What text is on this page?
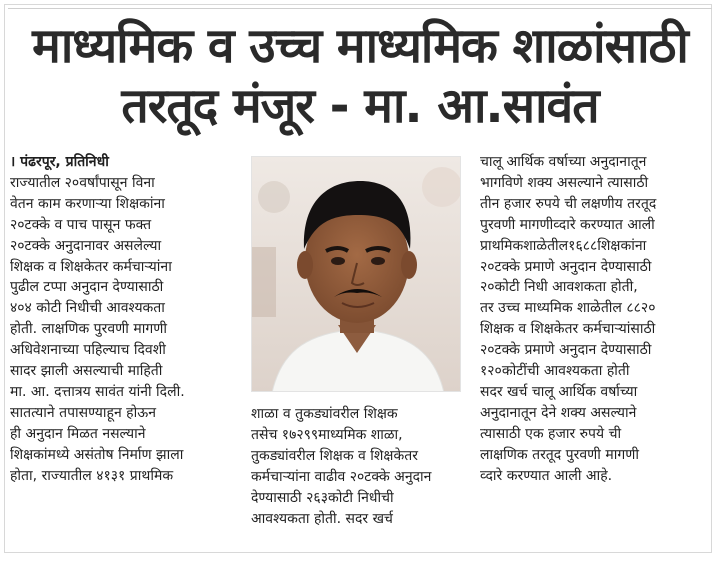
माध्यमिक व उच्च माध्यमिक शाळांसाठी
तरतूद मंजूर - मा. आ.सावंत
। पंढरपूर, प्रतिनिधी
राज्यातील २०वर्षांपासून विना
वेतन काम करणाऱ्या शिक्षकांना
२०टक्के व पाच पासून फक्त
२०टक्के अनुदानावर असलेल्या
शिक्षक व शिक्षकेतर कर्मचाऱ्यांना
पुढील टप्पा अनुदान देण्यासाठी
४०४ कोटी निधीची आवश्यकता
होती. लाक्षणिक पुरवणी मागणी
अधिवेशनाच्या पहिल्याच दिवशी
सादर झाली असल्याची माहिती
मा. आ. दत्तात्रय सावंत यांनी दिली.
सातत्याने तपासण्याहून होऊन
ही अनुदान मिळत नसल्याने
शिक्षकांमध्ये असंतोष निर्माण झाला
होता, राज्यातील ४१३१ प्राथमिक
शाळा व तुकड्यांवरील शिक्षक
तसेच १७२९९माध्यमिक शाळा,
तुकड्यांवरील शिक्षक व शिक्षकेतर
कर्मचाऱ्यांना वाढीव २०टक्के अनुदान
देण्यासाठी २६३कोटी निधीची
आवश्यकता होती. सदर खर्च
चालू आर्थिक वर्षाच्या अनुदानातून
भागविणे शक्य असल्याने त्यासाठी
तीन हजार रुपये ची लक्षणीय तरतूद
पुरवणी मागणीव्दारे करण्यात आली
प्राथमिकशाळेतील१६८८शिक्षकांना
२०टक्के प्रमाणे अनुदान देण्यासाठी
२०कोटी निधी आवशकता होती,
तर उच्च माध्यमिक शाळेतील ८८२०
शिक्षक व शिक्षकेतर कर्मचाऱ्यांसाठी
२०टक्के प्रमाणे अनुदान देण्यासाठी
१२०कोटींची आवश्यकता होती
सदर खर्च चालू आर्थिक वर्षाच्या
अनुदानातून देने शक्य असल्याने
त्यासाठी एक हजार रुपये ची
लाक्षणिक तरतूद पुरवणी मागणी
व्दारे करण्यात आली आहे.
